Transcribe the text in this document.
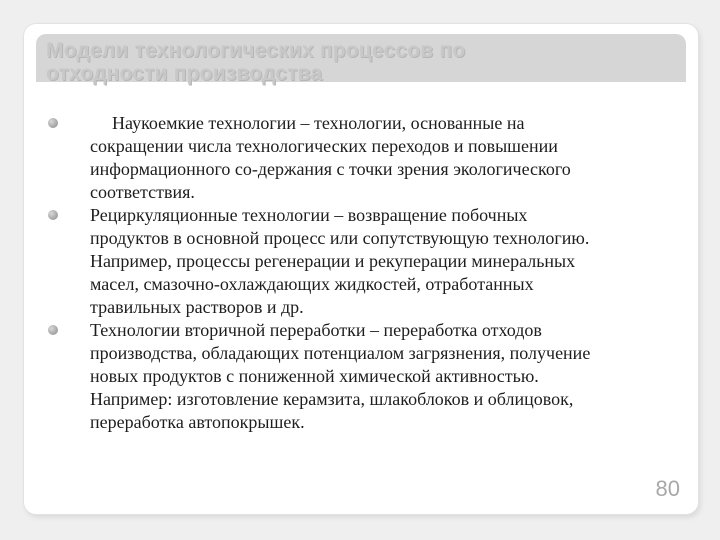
Модели технологических процессов по
отходности производства
Наукоемкие технологии – технологии, основанные на
сокращении числа технологических переходов и повышении
информационного со-держания с точки зрения экологического
соответствия.
Рециркуляционные технологии – возвращение побочных
продуктов в основной процесс или сопутствующую технологию.
Например, процессы регенерации и рекуперации минеральных
масел, смазочно-охлаждающих жидкостей, отработанных
травильных растворов и др.
Технологии вторичной переработки – переработка отходов
производства, обладающих потенциалом загрязнения, получение
новых продуктов с пониженной химической активностью.
Например: изготовление керамзита, шлакоблоков и облицовок,
переработка автопокрышек.
80
